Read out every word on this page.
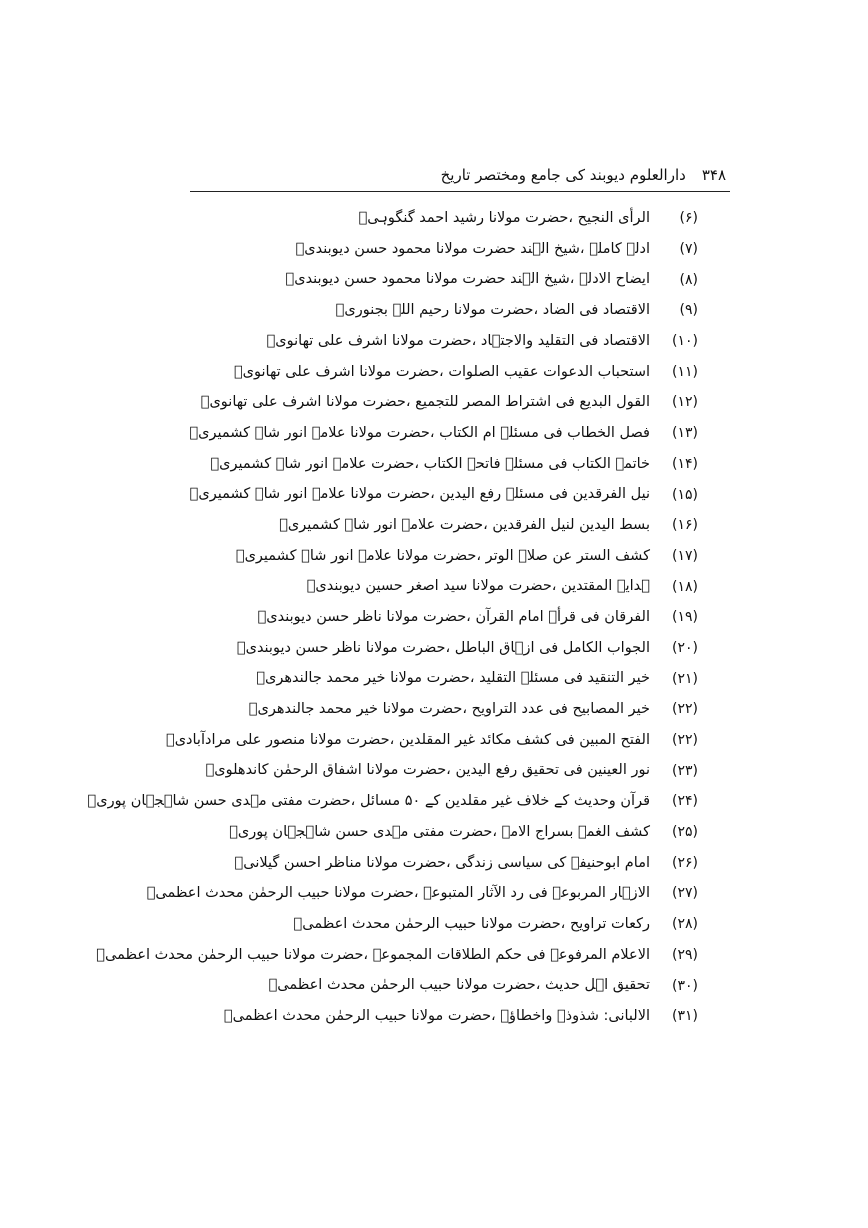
۳۴۸
دارالعلوم دیوبند کی جامع ومختصر تاریخ
(۶)
الرأی النجیح ،حضرت مولانا رشید احمد گنگوہیؒ
(۷)
ادلۂ کاملہ ،شیخ الہند حضرت مولانا محمود حسن دیوبندیؒ
(۸)
ایضاح الادلہ ،شیخ الہند حضرت مولانا محمود حسن دیوبندیؒ
(۹)
الاقتصاد فی الضاد ،حضرت مولانا رحیم اللہ بجنوریؒ
(۱۰)
الاقتصاد فی التقلید والاجتہاد ،حضرت مولانا اشرف علی تھانویؒ
(۱۱)
استحباب الدعوات عقیب الصلوات ،حضرت مولانا اشرف علی تھانویؒ
(۱۲)
القول البدیع فی اشتراط المصر للتجمیع ،حضرت مولانا اشرف علی تھانویؒ
(۱۳)
فصل الخطاب فی مسئلۃ ام الکتاب ،حضرت مولانا علامہ انور شاہ کشمیریؒ
(۱۴)
خاتمۃ الکتاب فی مسئلۃ فاتحۃ الکتاب ،حضرت علامہ انور شاہ کشمیریؒ
(۱۵)
نیل الفرقدین فی مسئلۃ رفع الیدین ،حضرت مولانا علامہ انور شاہ کشمیریؒ
(۱۶)
بسط الیدین لنیل الفرقدین ،حضرت علامہ انور شاہ کشمیریؒ
(۱۷)
کشف الستر عن صلاۃ الوتر ،حضرت مولانا علامہ انور شاہ کشمیریؒ
(۱۸)
ہدایۃ المقتدین ،حضرت مولانا سید اصغر حسین دیوبندیؒ
(۱۹)
الفرقان فی قرأۃ امام القرآن ،حضرت مولانا ناظر حسن دیوبندیؒ
(۲۰)
الجواب الکامل فی ازہاق الباطل ،حضرت مولانا ناظر حسن دیوبندیؒ
(۲۱)
خیر التنقید فی مسئلۃ التقلید ،حضرت مولانا خیر محمد جالندھریؒ
(۲۲)
خیر المصابیح فی عدد التراویح ،حضرت مولانا خیر محمد جالندھریؒ
(۲۲)
الفتح المبین فی کشف مکائد غیر المقلدین ،حضرت مولانا منصور علی مرادآبادیؒ
(۲۳)
نور العینین فی تحقیق رفع الیدین ،حضرت مولانا اشفاق الرحمٰن کاندھلویؒ
(۲۴)
قرآن وحدیث کے خلاف غیر مقلدین کے ۵۰ مسائل ،حضرت مفتی مہدی حسن شاہجہان پوریؒ
(۲۵)
کشف الغمۃ بسراج الامۃ ،حضرت مفتی مہدی حسن شاہجہان پوریؒ
(۲۶)
امام ابوحنیفہ کی سیاسی زندگی ،حضرت مولانا مناظر احسن گیلانیؒ
(۲۷)
الازہار المربوعۃ فی رد الآثار المتبوعۃ ،حضرت مولانا حبیب الرحمٰن محدث اعظمیؒ
(۲۸)
رکعات تراویح ،حضرت مولانا حبیب الرحمٰن محدث اعظمیؒ
(۲۹)
الاعلام المرفوعۃ فی حکم الطلاقات المجموعۃ ،حضرت مولانا حبیب الرحمٰن محدث اعظمیؒ
(۳۰)
تحقیق اہل حدیث ،حضرت مولانا حبیب الرحمٰن محدث اعظمیؒ
(۳۱)
الالبانی: شذوذہ واخطاؤہ ،حضرت مولانا حبیب الرحمٰن محدث اعظمیؒ
